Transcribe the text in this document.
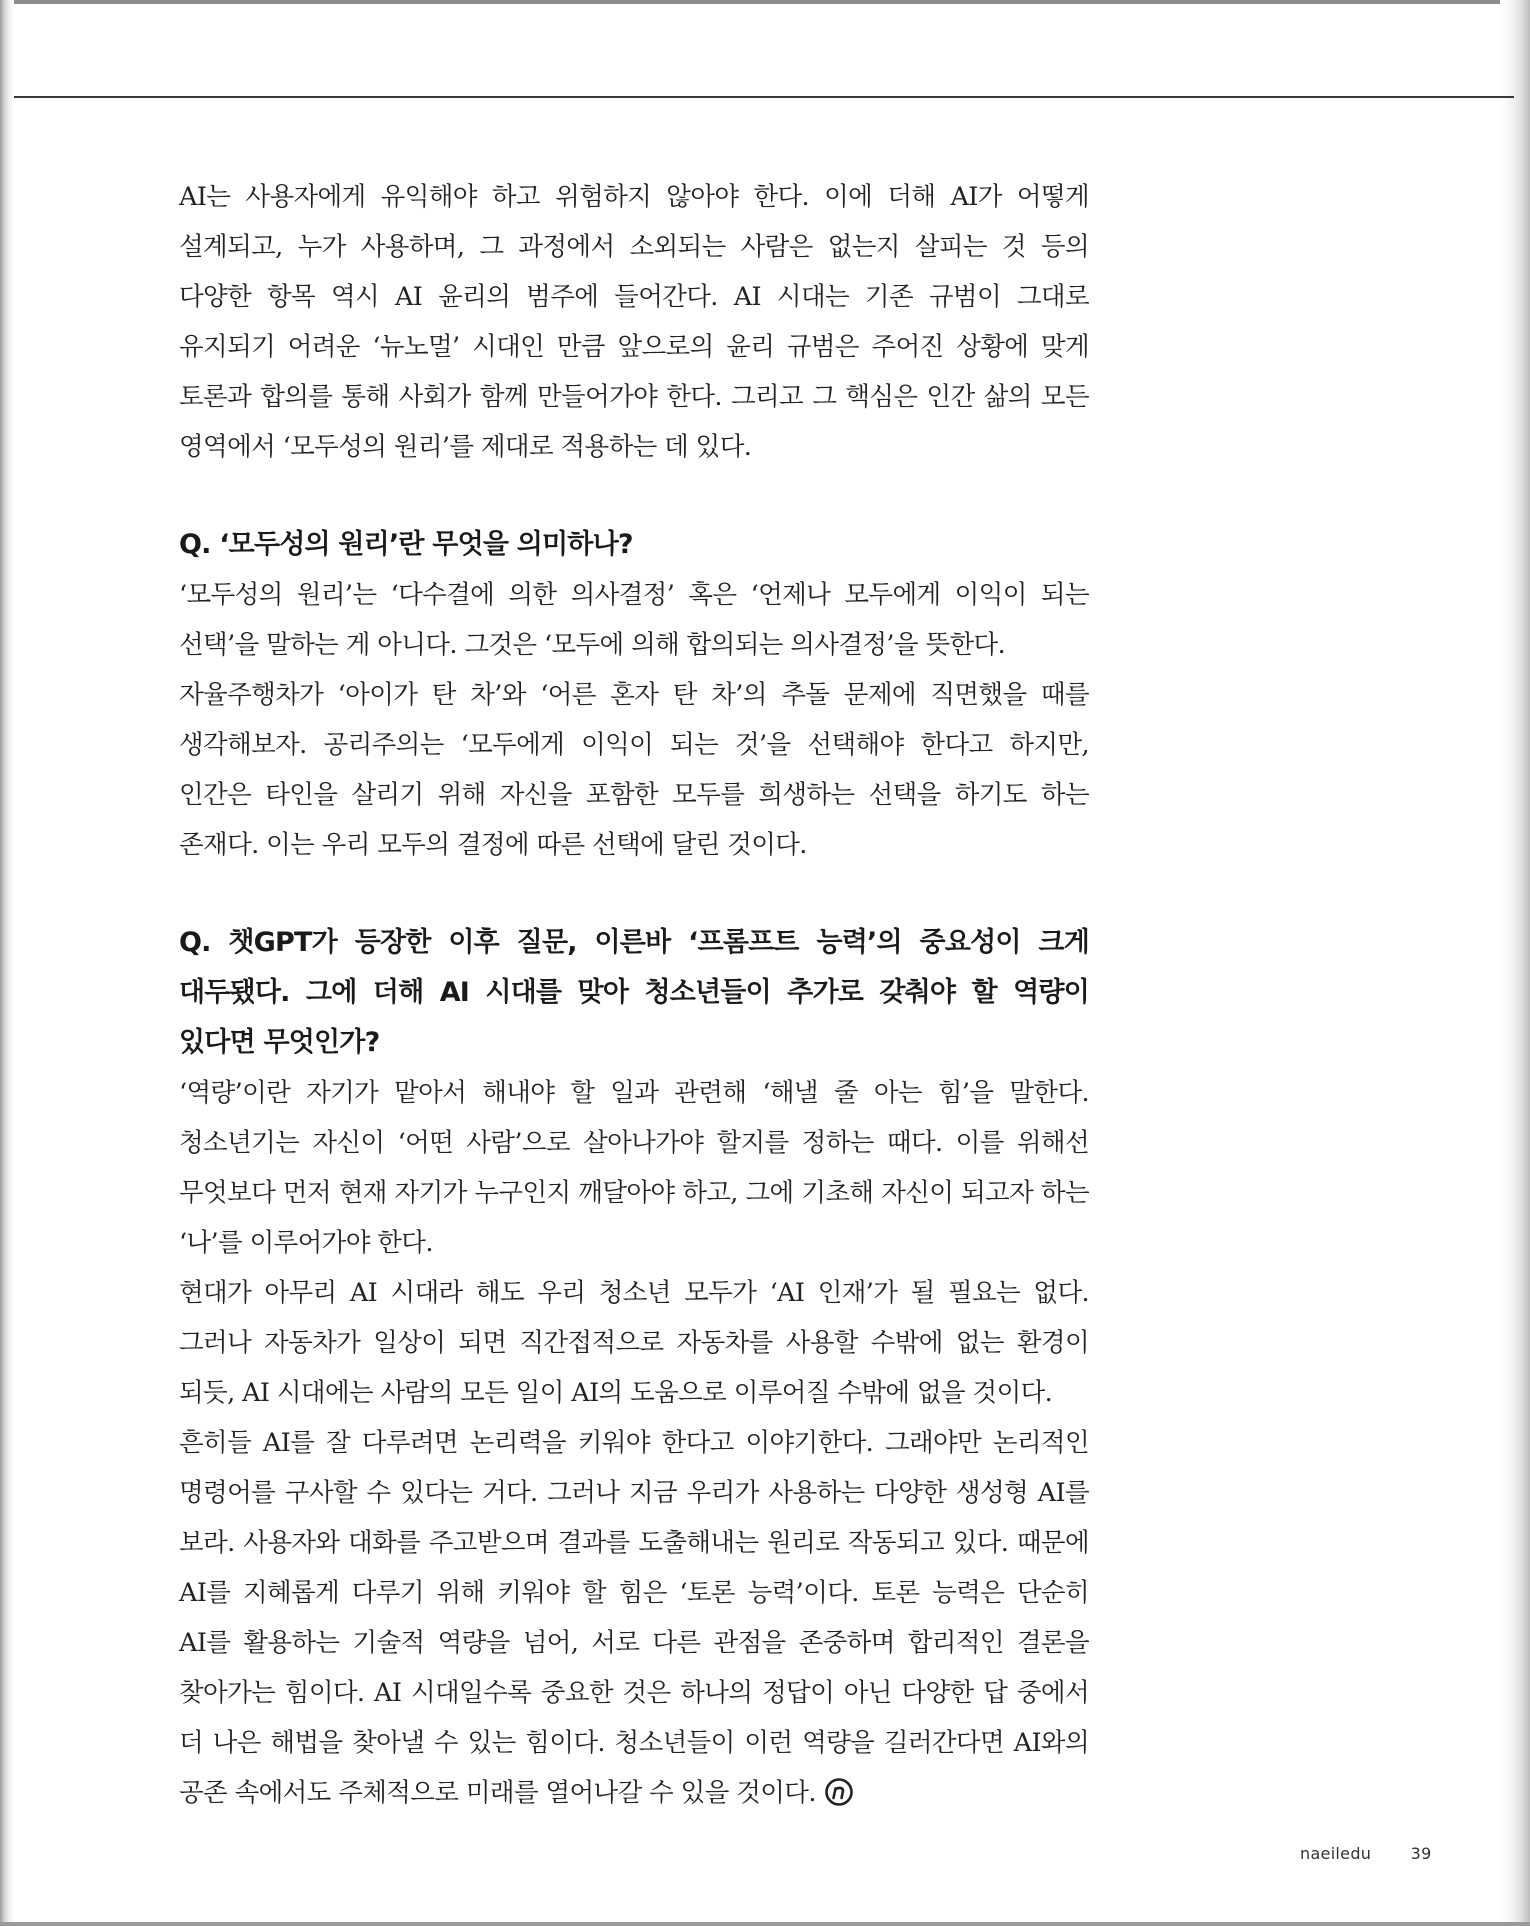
AI는 사용자에게 유익해야 하고 위험하지 않아야 한다. 이에 더해 AI가 어떻게 설계되고, 누가 사용하며, 그 과정에서 소외되는 사람은 없는지 살피는 것 등의 다양한 항목 역시 AI 윤리의 범주에 들어간다. AI 시대는 기존 규범이 그대로 유지되기 어려운 ‘뉴노멀’ 시대인 만큼 앞으로의 윤리 규범은 주어진 상황에 맞게 토론과 합의를 통해 사회가 함께 만들어가야 한다. 그리고 그 핵심은 인간 삶의 모든 영역에서 ‘모두성의 원리’를 제대로 적용하는 데 있다.

Q. ‘모두성의 원리’란 무엇을 의미하나?

‘모두성의 원리’는 ‘다수결에 의한 의사결정’ 혹은 ‘언제나 모두에게 이익이 되는 선택’을 말하는 게 아니다. 그것은 ‘모두에 의해 합의되는 의사결정’을 뜻한다.

자율주행차가 ‘아이가 탄 차’와 ‘어른 혼자 탄 차’의 추돌 문제에 직면했을 때를 생각해보자. 공리주의는 ‘모두에게 이익이 되는 것’을 선택해야 한다고 하지만, 인간은 타인을 살리기 위해 자신을 포함한 모두를 희생하는 선택을 하기도 하는 존재다. 이는 우리 모두의 결정에 따른 선택에 달린 것이다.

Q. 챗GPT가 등장한 이후 질문, 이른바 ‘프롬프트 능력’의 중요성이 크게 대두됐다. 그에 더해 AI 시대를 맞아 청소년들이 추가로 갖춰야 할 역량이 있다면 무엇인가?

‘역량’이란 자기가 맡아서 해내야 할 일과 관련해 ‘해낼 줄 아는 힘’을 말한다. 청소년기는 자신이 ‘어떤 사람’으로 살아나가야 할지를 정하는 때다. 이를 위해선 무엇보다 먼저 현재 자기가 누구인지 깨달아야 하고, 그에 기초해 자신이 되고자 하는 ‘나’를 이루어가야 한다.

현대가 아무리 AI 시대라 해도 우리 청소년 모두가 ‘AI 인재’가 될 필요는 없다. 그러나 자동차가 일상이 되면 직간접적으로 자동차를 사용할 수밖에 없는 환경이 되듯, AI 시대에는 사람의 모든 일이 AI의 도움으로 이루어질 수밖에 없을 것이다.

흔히들 AI를 잘 다루려면 논리력을 키워야 한다고 이야기한다. 그래야만 논리적인 명령어를 구사할 수 있다는 거다. 그러나 지금 우리가 사용하는 다양한 생성형 AI를 보라. 사용자와 대화를 주고받으며 결과를 도출해내는 원리로 작동되고 있다. 때문에 AI를 지혜롭게 다루기 위해 키워야 할 힘은 ‘토론 능력’이다. 토론 능력은 단순히 AI를 활용하는 기술적 역량을 넘어, 서로 다른 관점을 존중하며 합리적인 결론을 찾아가는 힘이다. AI 시대일수록 중요한 것은 하나의 정답이 아닌 다양한 답 중에서 더 나은 해법을 찾아낼 수 있는 힘이다. 청소년들이 이런 역량을 길러간다면 AI와의 공존 속에서도 주체적으로 미래를 열어나갈 수 있을 것이다.

naeiledu 39
